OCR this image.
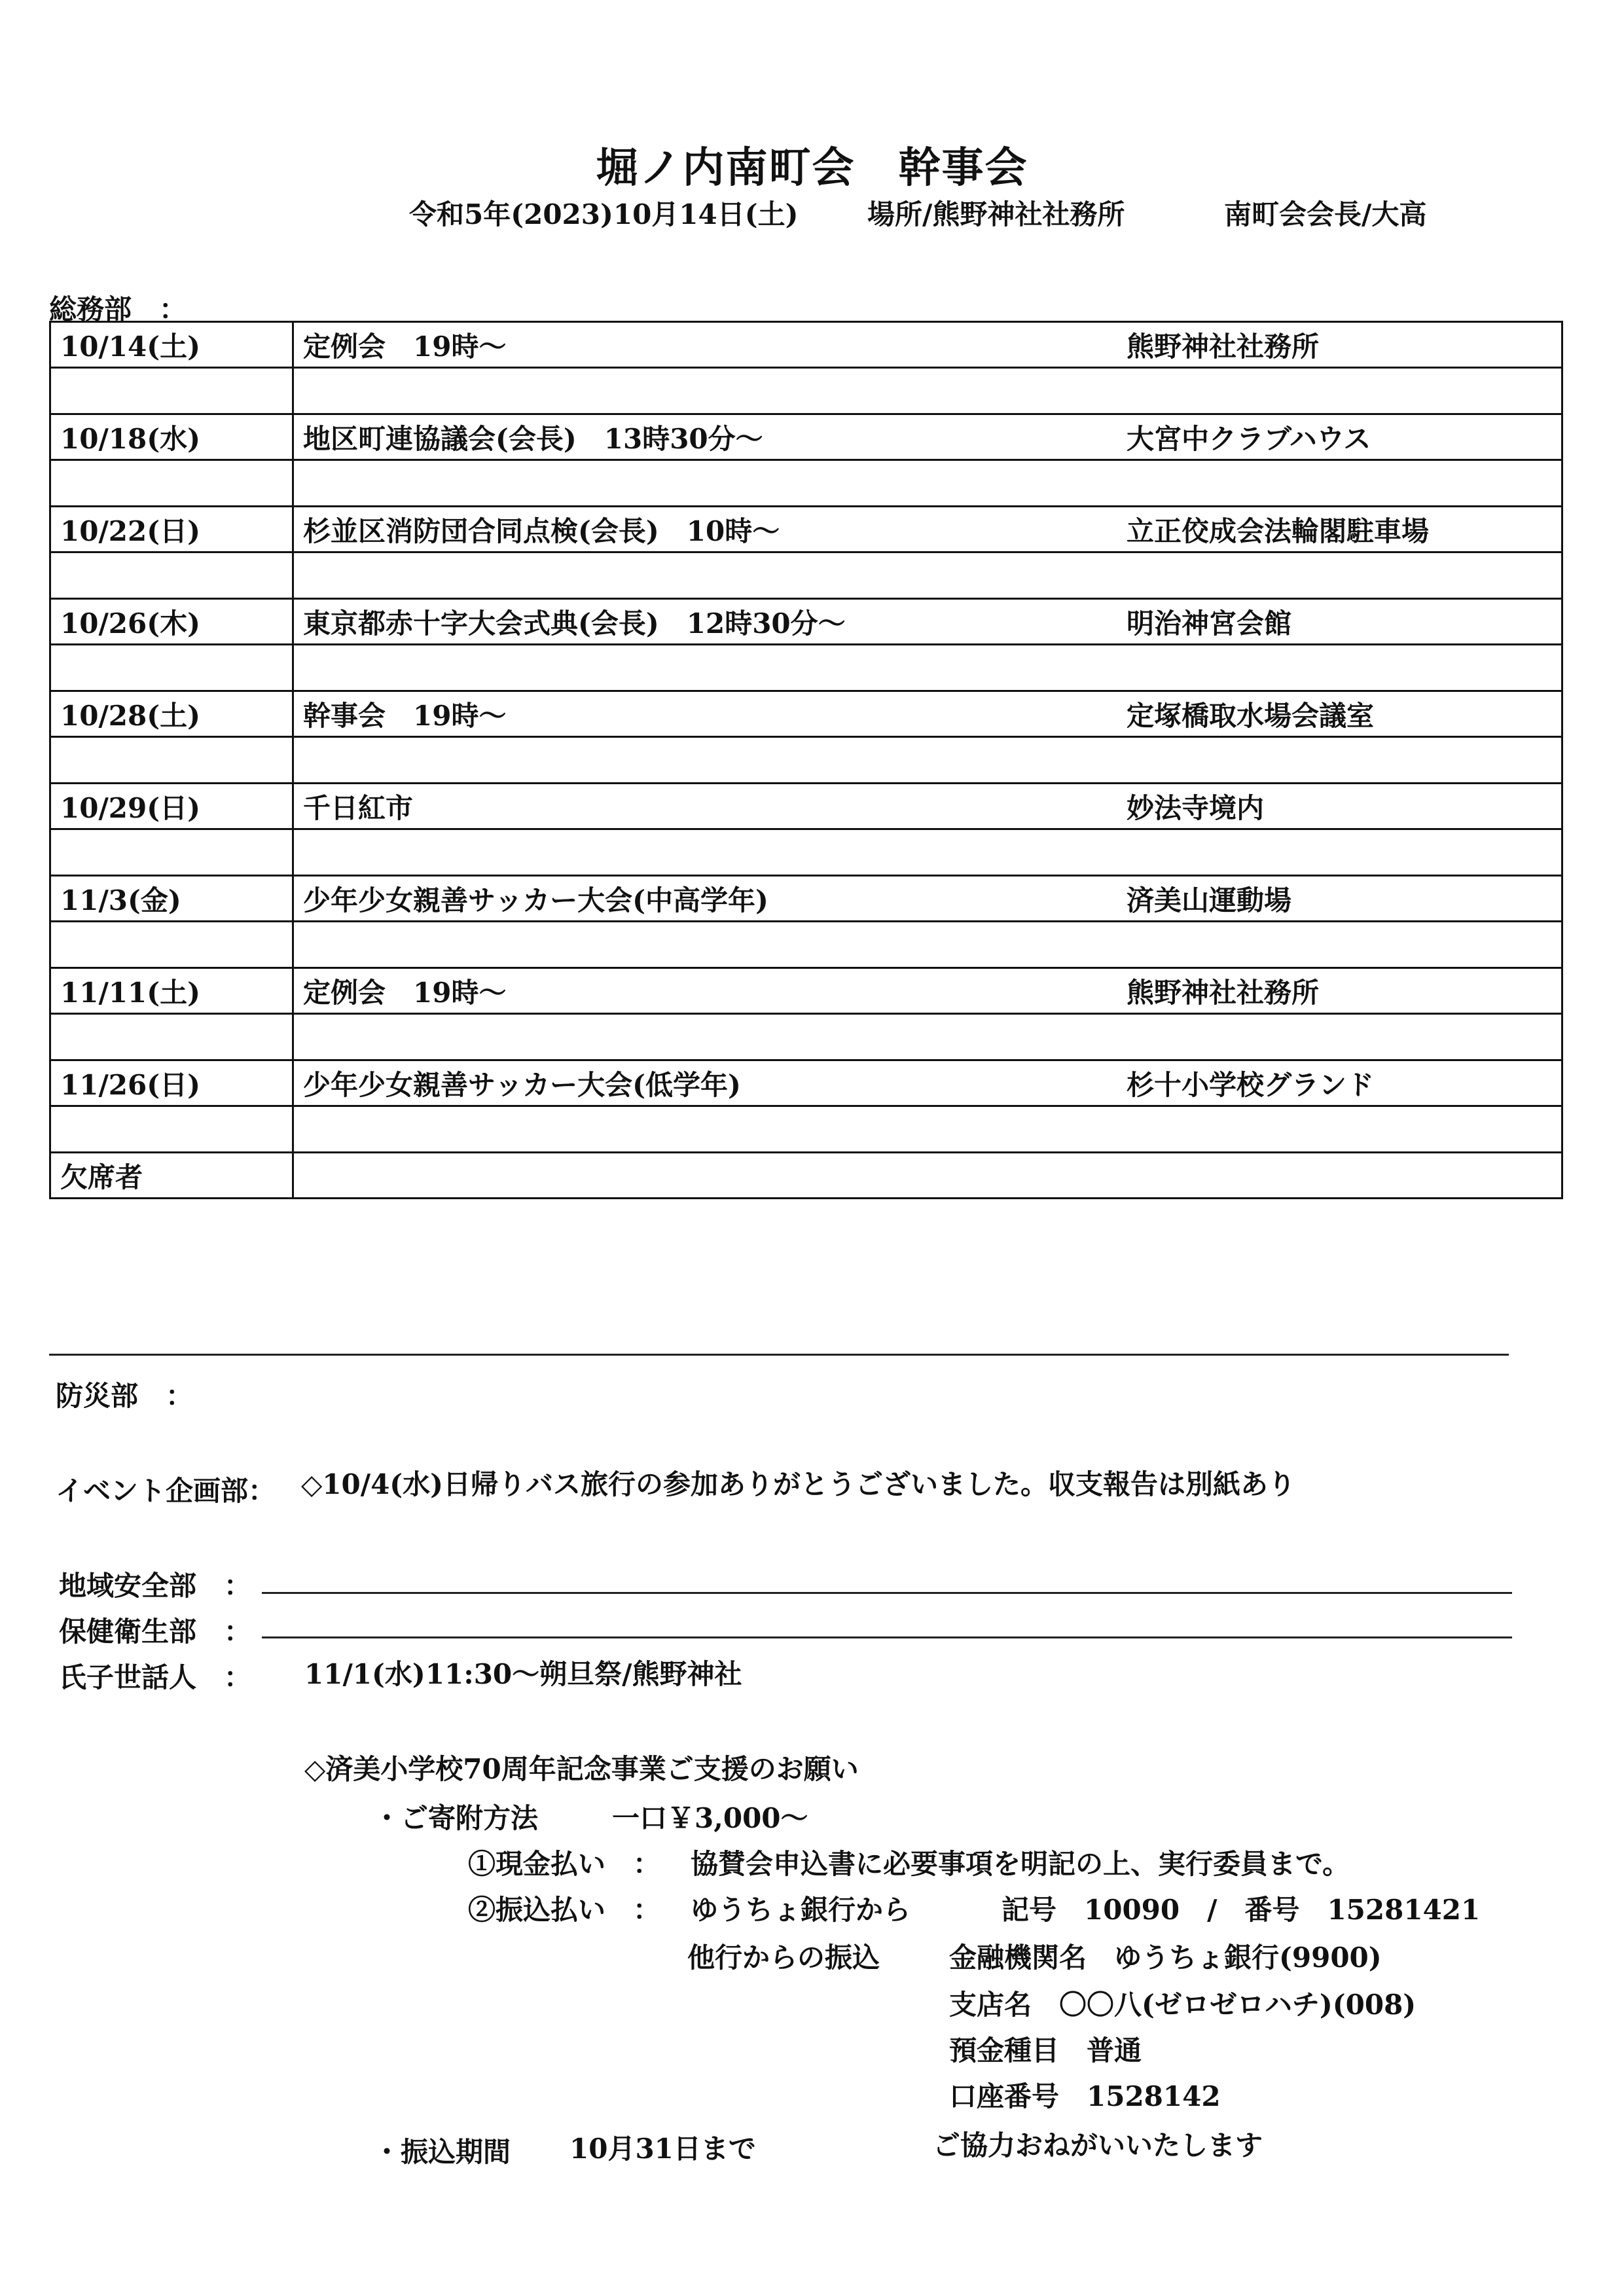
堀ノ内南町会　幹事会
令和5年(2023)10月14日(土)	場所/熊野神社社務所	南町会会長/大高
総務部　：
10/14(土)	定例会　19時～	熊野神社社務所

10/18(水)	地区町連協議会(会長)　13時30分～	大宮中クラブハウス

10/22(日)	杉並区消防団合同点検(会長)　10時～	立正佼成会法輪閣駐車場

10/26(木)	東京都赤十字大会式典(会長)　12時30分～	明治神宮会館

10/28(土)	幹事会　19時～	定塚橋取水場会議室

10/29(日)	千日紅市	妙法寺境内

11/3(金)	少年少女親善サッカー大会(中高学年)	済美山運動場

11/11(土)	定例会　19時～	熊野神社社務所

11/26(日)	少年少女親善サッカー大会(低学年)	杉十小学校グランド

欠席者		
防災部　：
イベント企画部： ◇10/4(水)日帰りバス旅行の参加ありがとうございました。収支報告は別紙あり
地域安全部　：
保健衛生部　：
氏子世話人　： 11/1(水)11:30～朔旦祭/熊野神社
◇済美小学校70周年記念事業ご支援のお願い
・ご寄附方法	一口￥3,000～
①現金払い　： 協賛会申込書に必要事項を明記の上、実行委員まで。
②振込払い　： ゆうちょ銀行から	記号　10090　/　番号　15281421
他行からの振込	金融機関名　ゆうちょ銀行(9900)
支店名　〇〇八(ゼロゼロハチ)(008)
預金種目　普通
口座番号　1528142
・振込期間 10月31日まで	ご協力おねがいいたします
